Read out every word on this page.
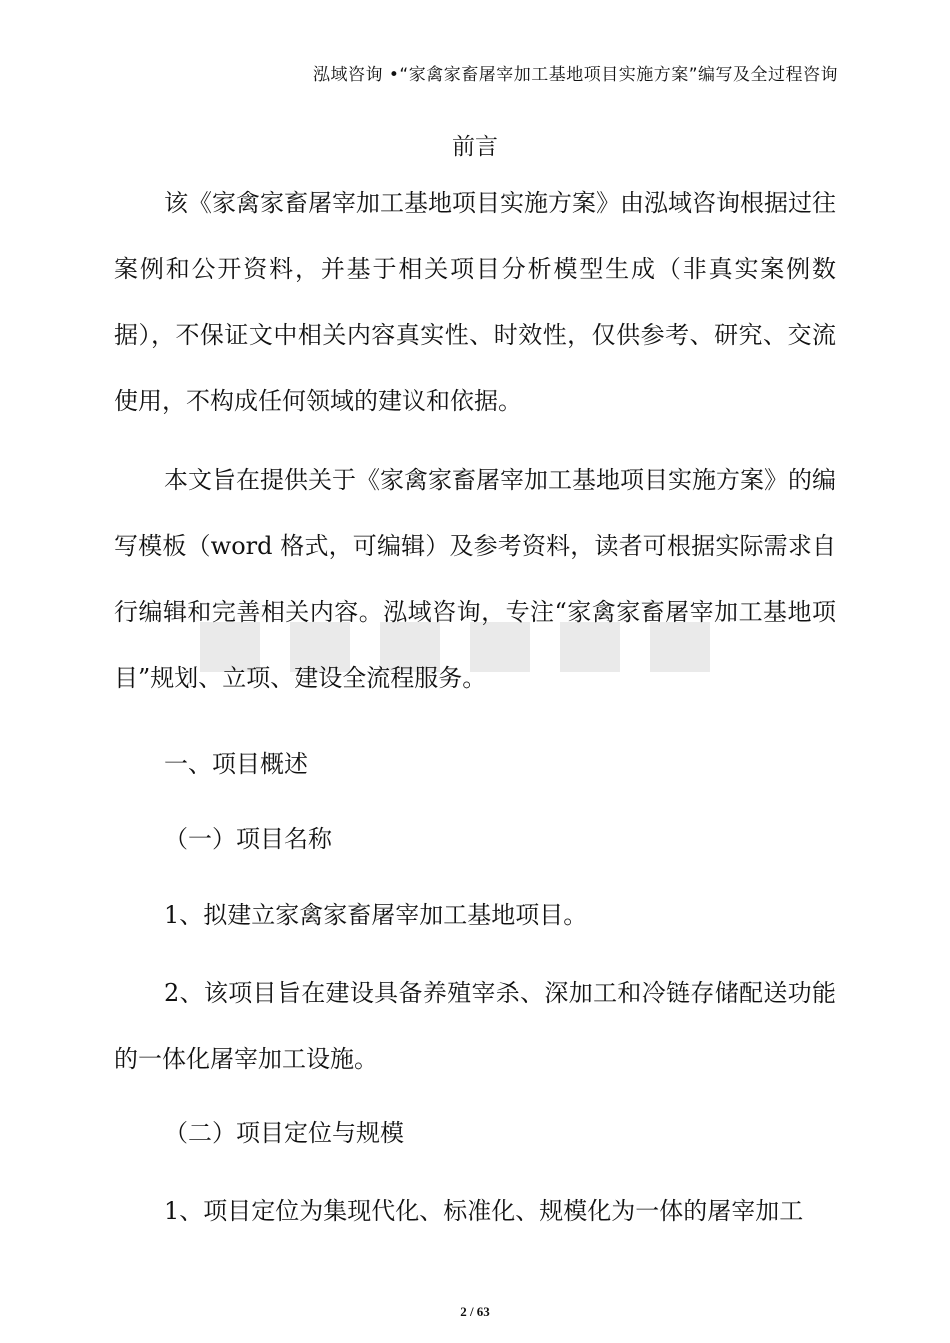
泓域咨询 •“家禽家畜屠宰加工基地项目实施方案”编写及全过程咨询
前言

该《家禽家畜屠宰加工基地项目实施方案》由泓域咨询根据过往案例和公开资料，并基于相关项目分析模型生成（非真实案例数据），不保证文中相关内容真实性、时效性，仅供参考、研究、交流使用，不构成任何领域的建议和依据。

本文旨在提供关于《家禽家畜屠宰加工基地项目实施方案》的编写模板（word 格式，可编辑）及参考资料，读者可根据实际需求自行编辑和完善相关内容。泓域咨询，专注“家禽家畜屠宰加工基地项目”规划、立项、建设全流程服务。

一、项目概述

（一）项目名称

1、拟建立家禽家畜屠宰加工基地项目。

2、该项目旨在建设具备养殖宰杀、深加工和冷链存储配送功能的一体化屠宰加工设施。

（二）项目定位与规模

1、项目定位为集现代化、标准化、规模化为一体的屠宰加工

2 / 63
